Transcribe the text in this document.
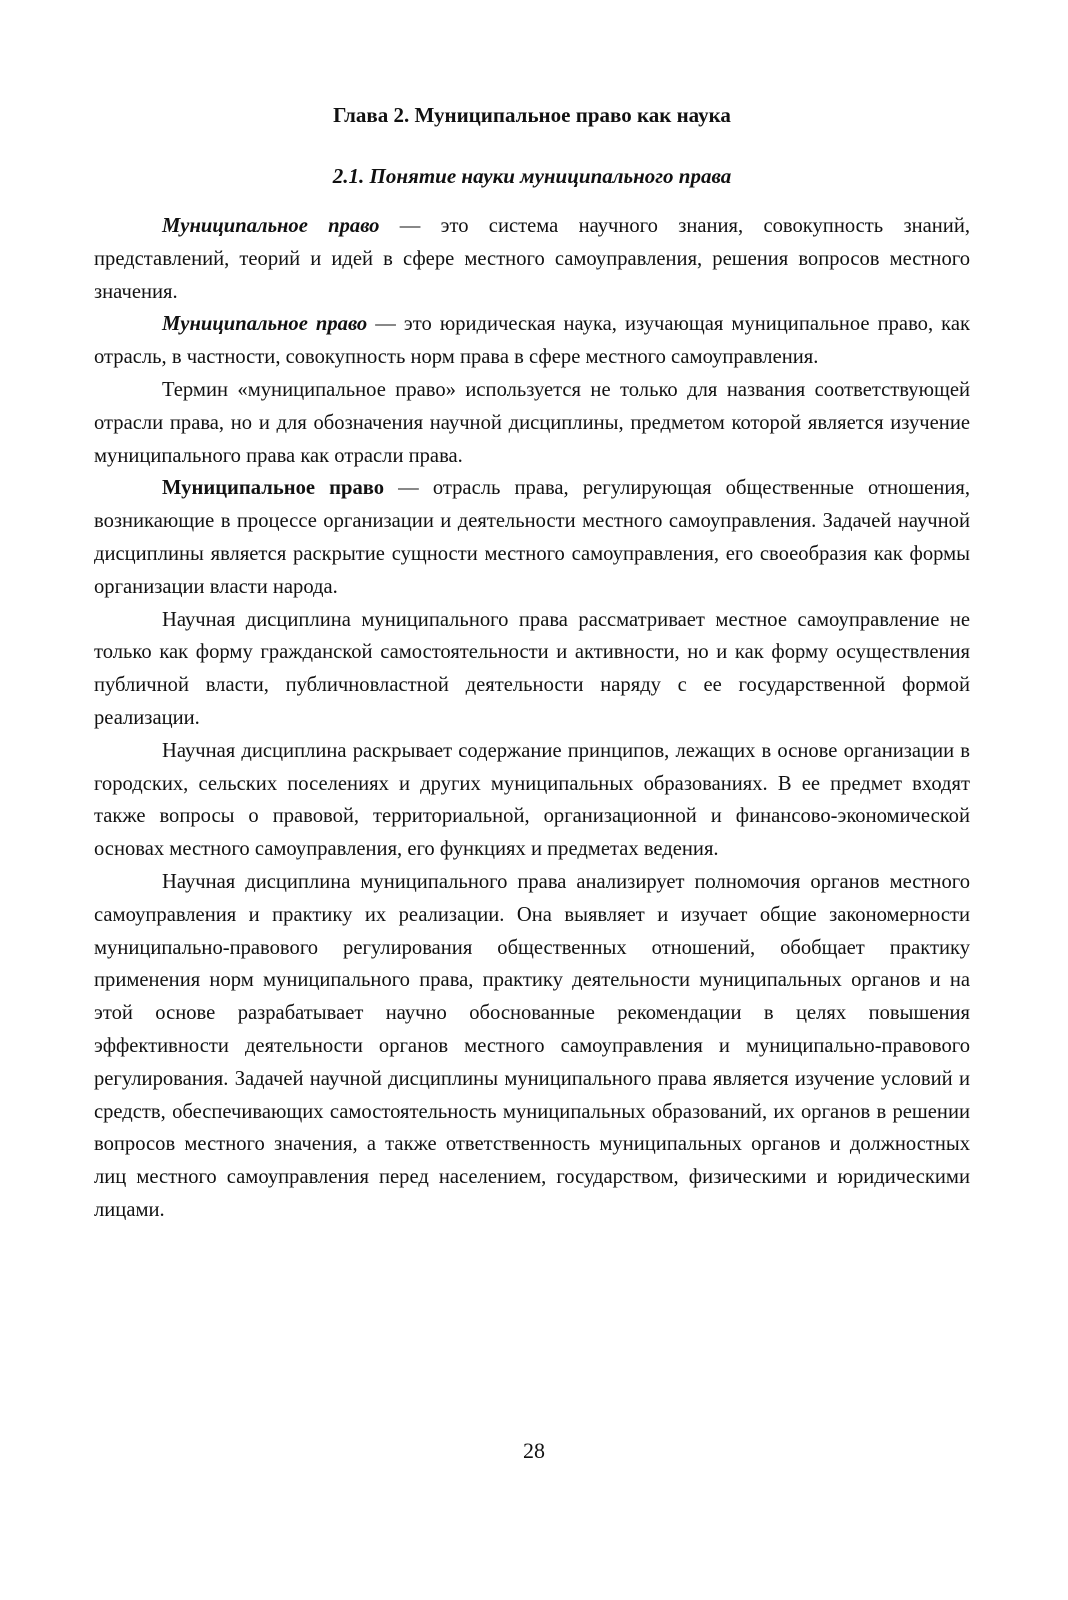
Глава 2. Муниципальное право как наука
2.1. Понятие науки муниципального права

Муниципальное право — это система научного знания, совокупность знаний, представлений, теорий и идей в сфере местного самоуправления, решения вопросов местного значения.

Муниципальное право — это юридическая наука, изучающая муниципальное право, как отрасль, в частности, совокупность норм права в сфере местного самоуправления.

Термин «муниципальное право» используется не только для названия соответствующей отрасли права, но и для обозначения научной дисциплины, предметом которой является изучение муниципального права как отрасли права.

Муниципальное право — отрасль права, регулирующая общественные отношения, возникающие в процессе организации и деятельности местного самоуправления. Задачей научной дисциплины является раскрытие сущности местного самоуправления, его своеобразия как формы организации власти народа.

Научная дисциплина муниципального права рассматривает местное самоуправление не только как форму гражданской самостоятельности и активности, но и как форму осуществления публичной власти, публичновластной деятельности наряду с ее государственной формой реализации.

Научная дисциплина раскрывает содержание принципов, лежащих в основе организации в городских, сельских поселениях и других муниципальных образованиях. В ее предмет входят также вопросы о правовой, территориальной, организационной и финансово-экономической основах местного самоуправления, его функциях и предметах ведения.

Научная дисциплина муниципального права анализирует полномочия органов местного самоуправления и практику их реализации. Она выявляет и изучает общие закономерности муниципально-правового регулирования общественных отношений, обобщает практику применения норм муниципального права, практику деятельности муниципальных органов и на этой основе разрабатывает научно обоснованные рекомендации в целях повышения эффективности деятельности органов местного самоуправления и муниципально-правового регулирования. Задачей научной дисциплины муниципального права является изучение условий и средств, обеспечивающих самостоятельность муниципальных образований, их органов в решении вопросов местного значения, а также ответственность муниципальных органов и должностных лиц местного самоуправления перед населением, государством, физическими и юридическими лицами.

28
